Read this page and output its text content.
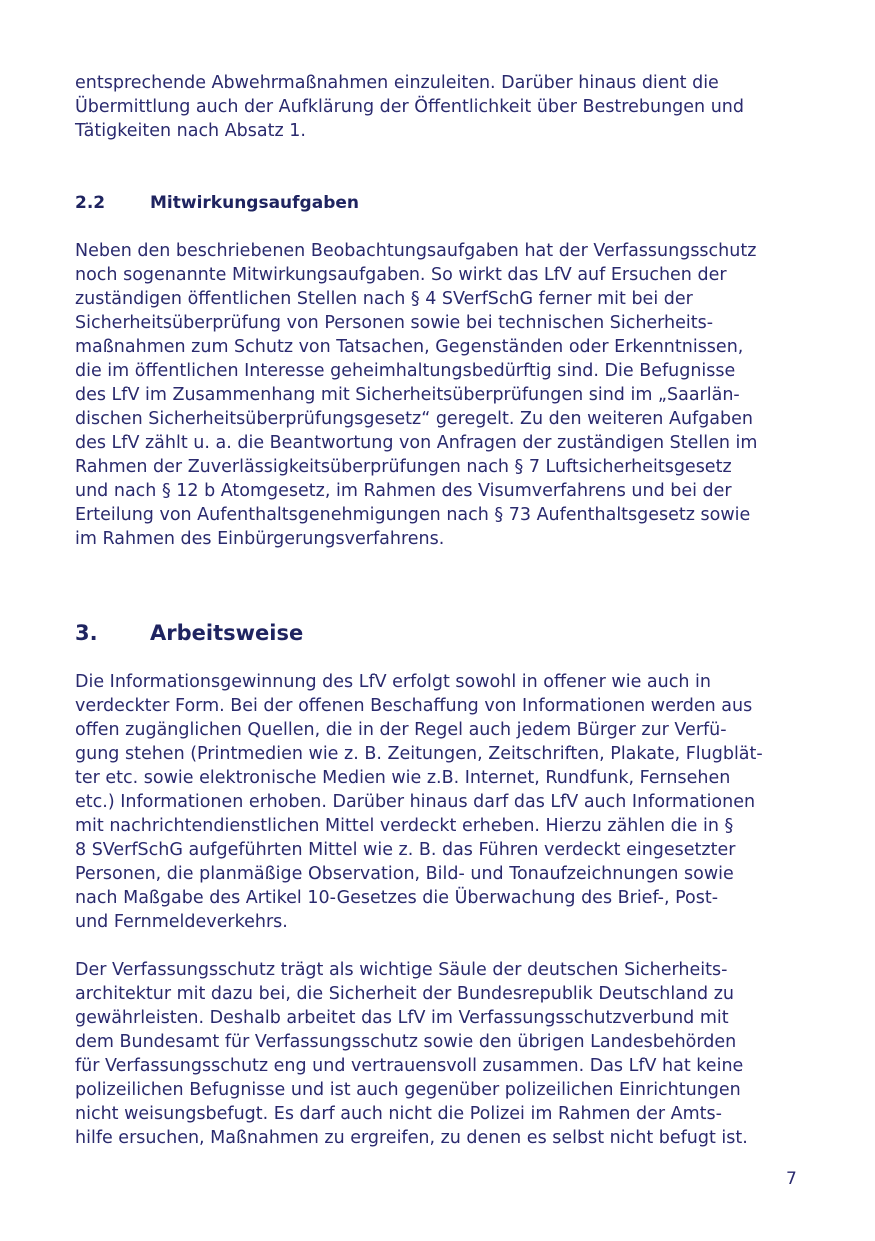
entsprechende Abwehrmaßnahmen einzuleiten. Darüber hinaus dient die
Übermittlung auch der Aufklärung der Öffentlichkeit über Bestrebungen und
Tätigkeiten nach Absatz 1.

2.2	Mitwirkungsaufgaben

Neben den beschriebenen Beobachtungsaufgaben hat der Verfassungsschutz
noch sogenannte Mitwirkungsaufgaben. So wirkt das LfV auf Ersuchen der
zuständigen öffentlichen Stellen nach § 4 SVerfSchG ferner mit bei der
Sicherheitsüberprüfung von Personen sowie bei technischen Sicherheits-
maßnahmen zum Schutz von Tatsachen, Gegenständen oder Erkenntnissen,
die im öffentlichen Interesse geheimhaltungsbedürftig sind. Die Befugnisse
des LfV im Zusammenhang mit Sicherheitsüberprüfungen sind im „Saarlän-
dischen Sicherheitsüberprüfungsgesetz“ geregelt. Zu den weiteren Aufgaben
des LfV zählt u. a. die Beantwortung von Anfragen der zuständigen Stellen im
Rahmen der Zuverlässigkeitsüberprüfungen nach § 7 Luftsicherheitsgesetz
und nach § 12 b Atomgesetz, im Rahmen des Visumverfahrens und bei der
Erteilung von Aufenthaltsgenehmigungen nach § 73 Aufenthaltsgesetz sowie
im Rahmen des Einbürgerungsverfahrens.

3. Arbeitsweise

Die Informationsgewinnung des LfV erfolgt sowohl in offener wie auch in
verdeckter Form. Bei der offenen Beschaffung von Informationen werden aus
offen zugänglichen Quellen, die in der Regel auch jedem Bürger zur Verfü-
gung stehen (Printmedien wie z. B. Zeitungen, Zeitschriften, Plakate, Flugblät-
ter etc. sowie elektronische Medien wie z.B. Internet, Rundfunk, Fernsehen
etc.) Informationen erhoben. Darüber hinaus darf das LfV auch Informationen
mit nachrichtendienstlichen Mittel verdeckt erheben. Hierzu zählen die in §
8 SVerfSchG aufgeführten Mittel wie z. B. das Führen verdeckt eingesetzter
Personen, die planmäßige Observation, Bild- und Tonaufzeichnungen sowie
nach Maßgabe des Artikel 10-Gesetzes die Überwachung des Brief-, Post-
und Fernmeldeverkehrs.

Der Verfassungsschutz trägt als wichtige Säule der deutschen Sicherheits-
architektur mit dazu bei, die Sicherheit der Bundesrepublik Deutschland zu
gewährleisten. Deshalb arbeitet das LfV im Verfassungsschutzverbund mit
dem Bundesamt für Verfassungsschutz sowie den übrigen Landesbehörden
für Verfassungsschutz eng und vertrauensvoll zusammen. Das LfV hat keine
polizeilichen Befugnisse und ist auch gegenüber polizeilichen Einrichtungen
nicht weisungsbefugt. Es darf auch nicht die Polizei im Rahmen der Amts-
hilfe ersuchen, Maßnahmen zu ergreifen, zu denen es selbst nicht befugt ist.

7
